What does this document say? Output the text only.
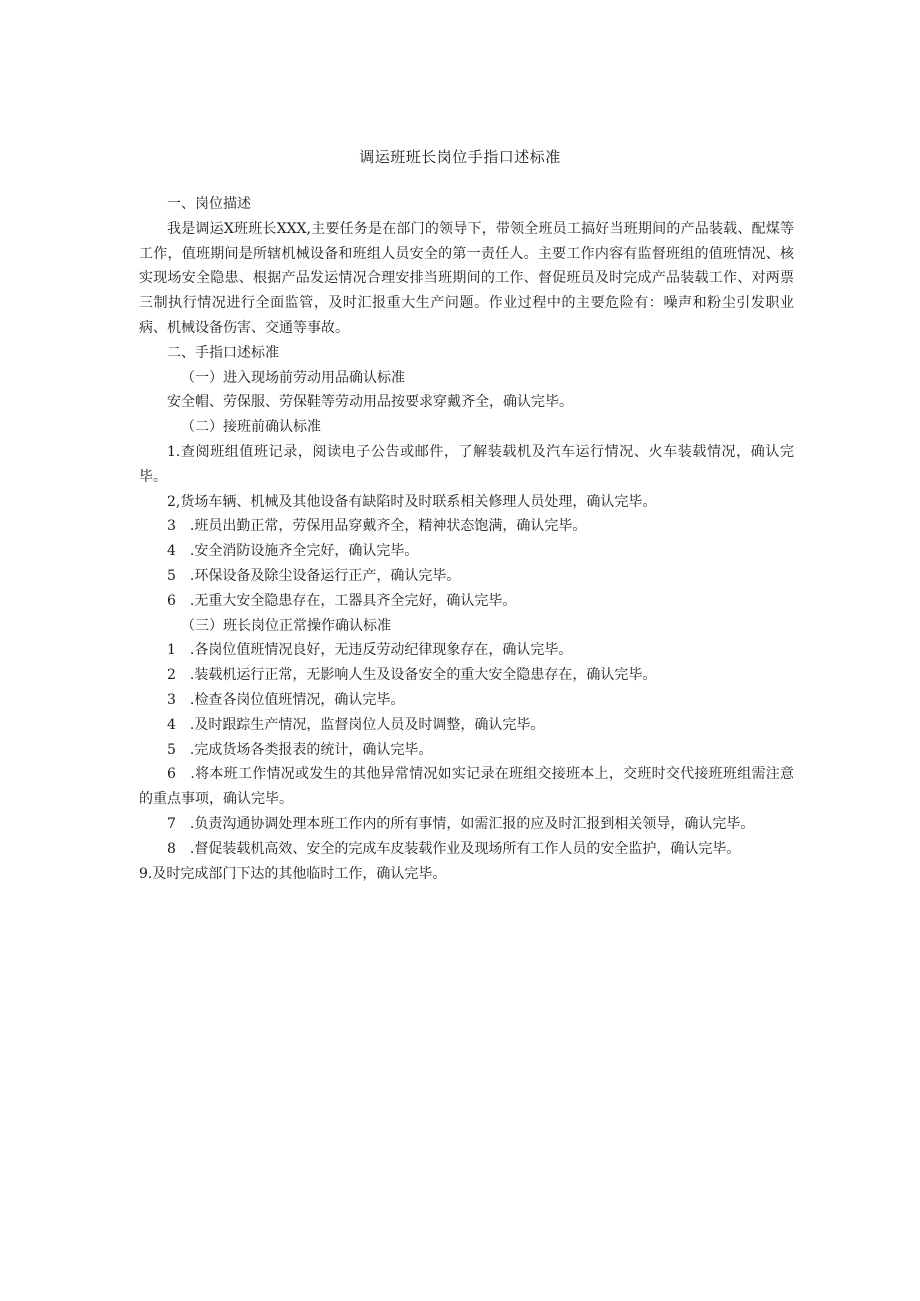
调运班班长岗位手指口述标准

一、岗位描述

我是调运X班班长XXX,主要任务是在部门的领导下，带领全班员工搞好当班期间的产品装载、配煤等工作，值班期间是所辖机械设备和班组人员安全的第一责任人。主要工作内容有监督班组的值班情况、核实现场安全隐患、根据产品发运情况合理安排当班期间的工作、督促班员及时完成产品装载工作、对两票三制执行情况进行全面监管，及时汇报重大生产问题。作业过程中的主要危险有：噪声和粉尘引发职业病、机械设备伤害、交通等事故。

二、手指口述标准

（一）进入现场前劳动用品确认标准

安全帽、劳保服、劳保鞋等劳动用品按要求穿戴齐全，确认完毕。

（二）接班前确认标准

1.查阅班组值班记录，阅读电子公告或邮件，了解装载机及汽车运行情况、火车装载情况，确认完毕。

2,货场车辆、机械及其他设备有缺陷时及时联系相关修理人员处理，确认完毕。

3　.班员出勤正常，劳保用品穿戴齐全，精神状态饱满，确认完毕。

4　.安全消防设施齐全完好，确认完毕。

5　.环保设备及除尘设备运行正产，确认完毕。

6　.无重大安全隐患存在，工器具齐全完好，确认完毕。

（三）班长岗位正常操作确认标准

1　.各岗位值班情况良好，无违反劳动纪律现象存在，确认完毕。

2　.装载机运行正常，无影响人生及设备安全的重大安全隐患存在，确认完毕。

3　.检查各岗位值班情况，确认完毕。

4　.及时跟踪生产情况，监督岗位人员及时调整，确认完毕。

5　.完成货场各类报表的统计，确认完毕。

6　.将本班工作情况或发生的其他异常情况如实记录在班组交接班本上，交班时交代接班班组需注意的重点事项，确认完毕。

7　.负责沟通协调处理本班工作内的所有事情，如需汇报的应及时汇报到相关领导，确认完毕。

8　.督促装载机高效、安全的完成车皮装载作业及现场所有工作人员的安全监护，确认完毕。

9.及时完成部门下达的其他临时工作，确认完毕。
